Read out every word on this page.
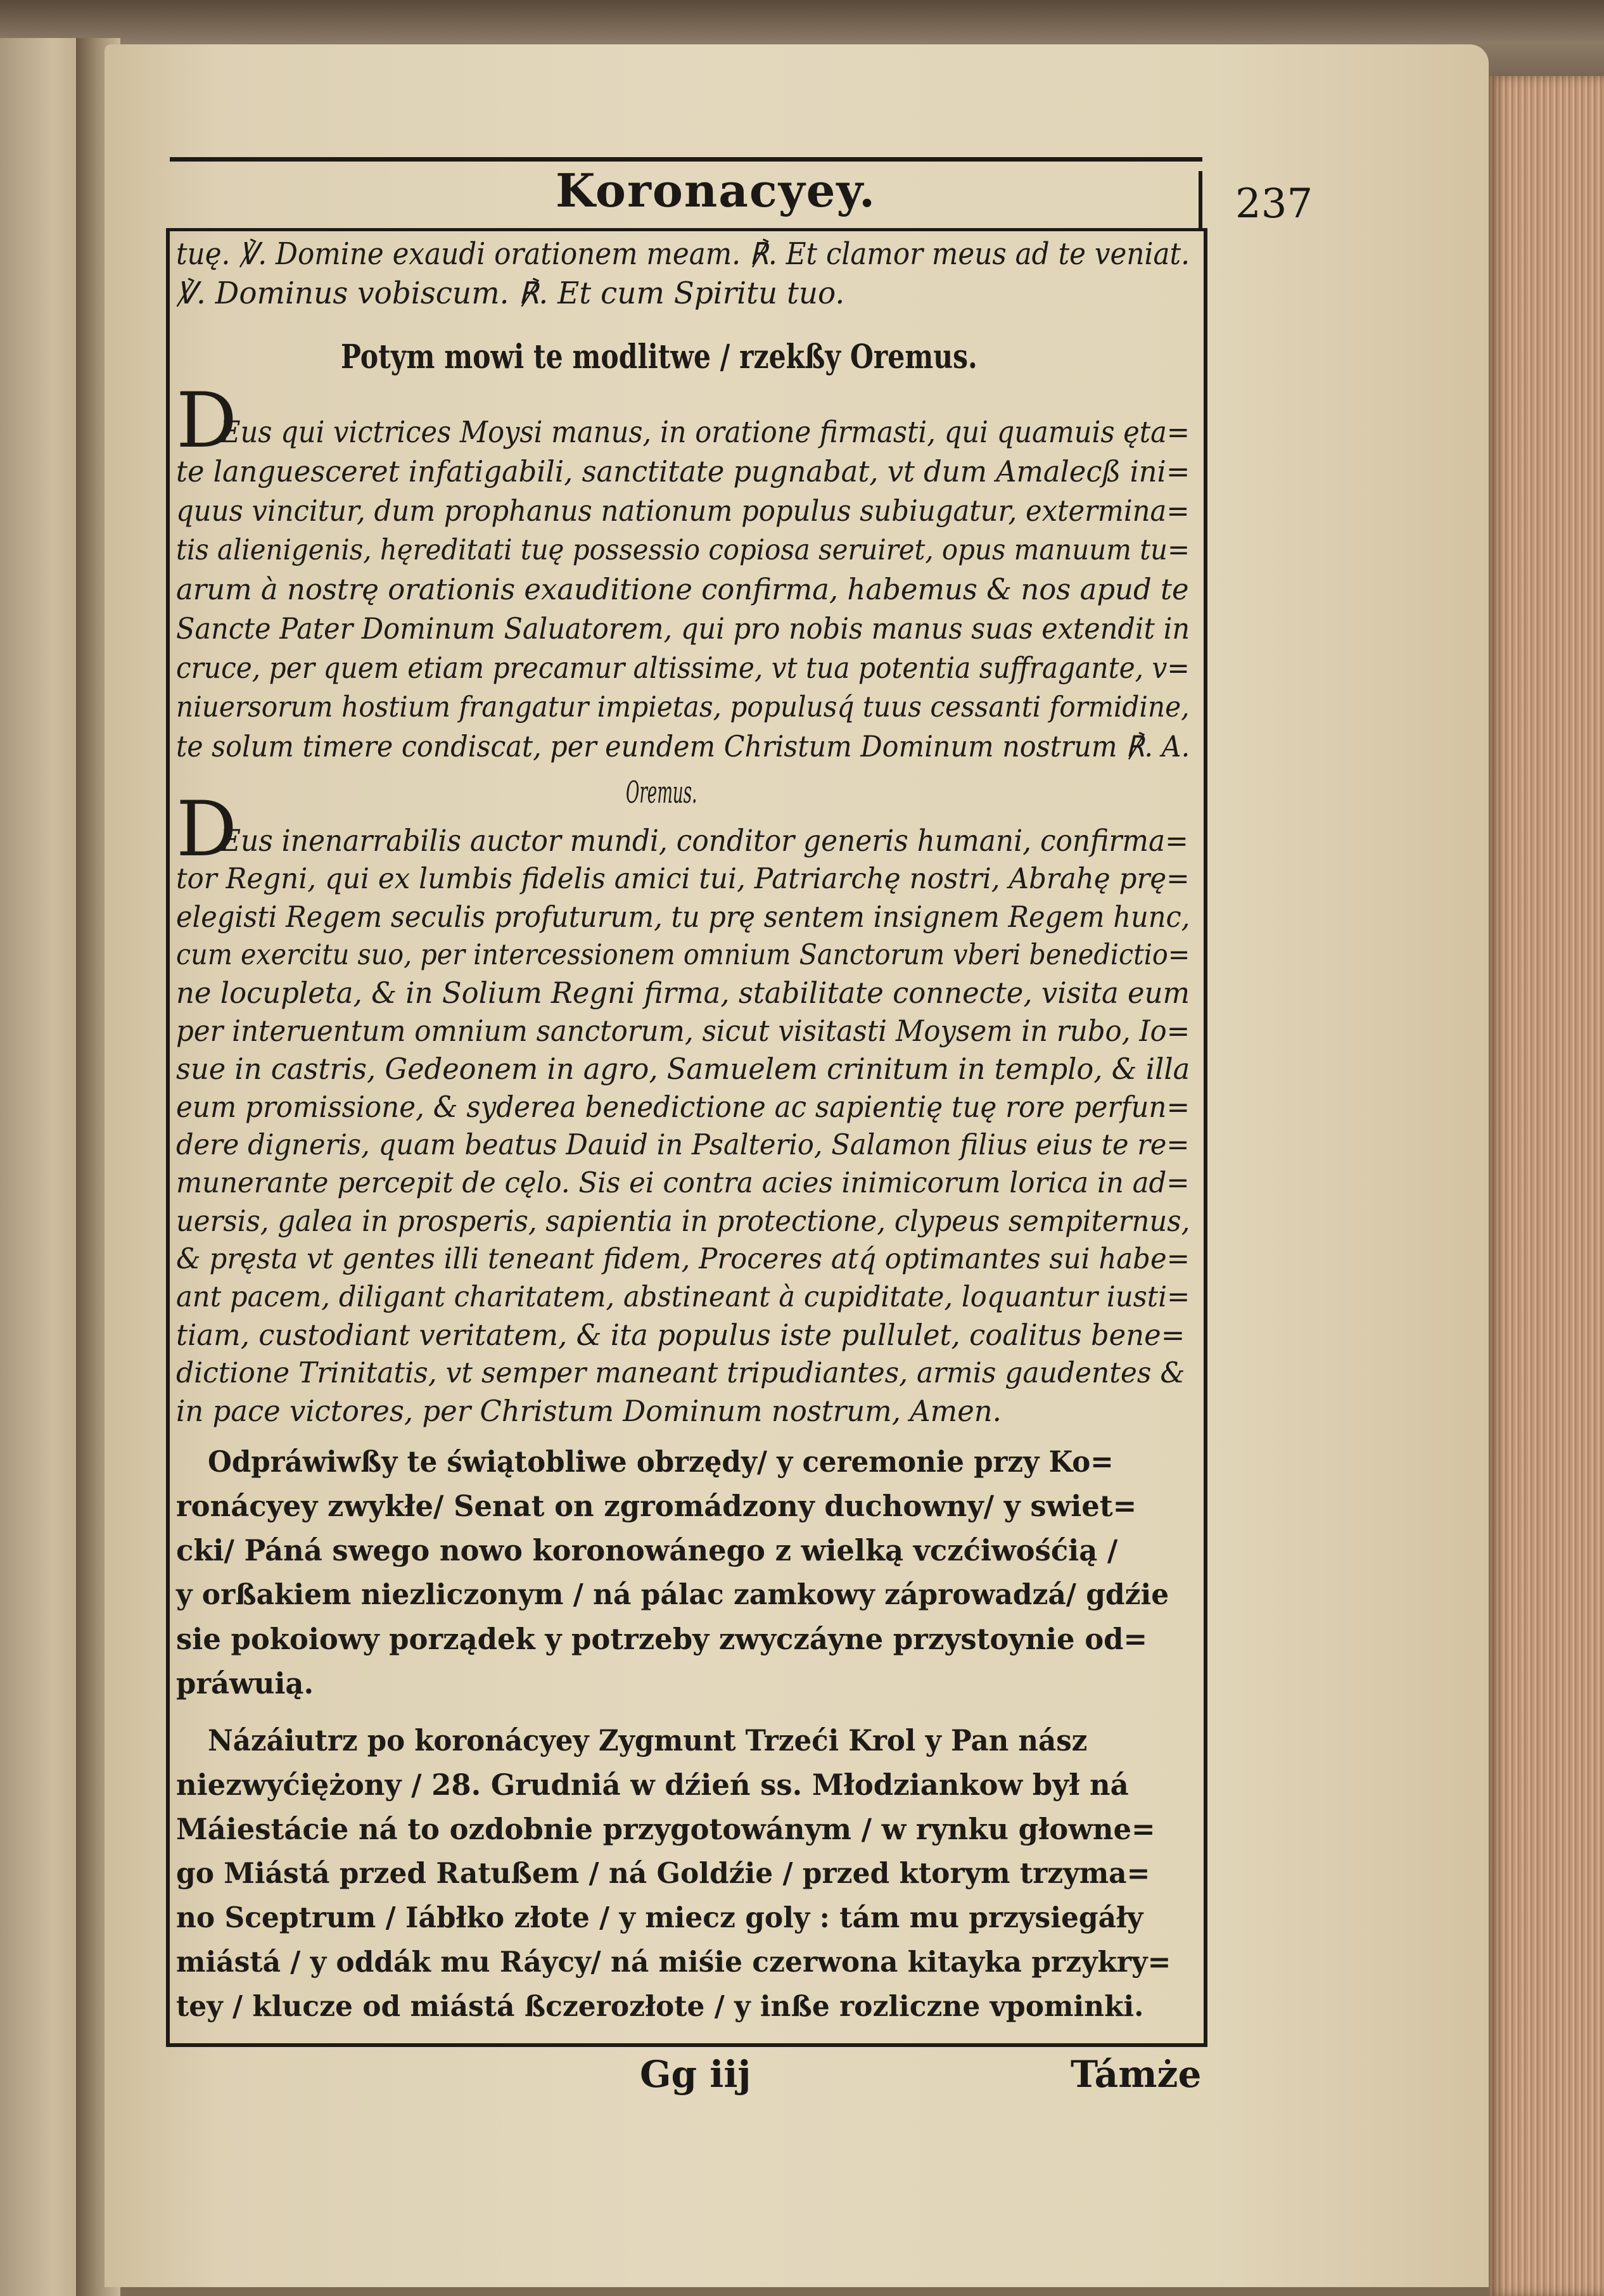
Koronacyey.	237
tuę. ℣. Domine exaudi orationem meam. ℟. Et clamor meus ad te veniat.
℣. Dominus vobiscum. ℟. Et cum Spiritu tuo.
Potym mowi te modlitwe / rzekßy Oremus.
D
Eus qui victrices Moysi manus, in oratione firmasti, qui quamuis ęta=
te languesceret infatigabili, sanctitate pugnabat, vt dum Amalecß ini=
quus vincitur, dum prophanus nationum populus subiugatur, extermina=
tis alienigenis, hęreditati tuę possessio copiosa seruiret, opus manuum tu=
arum à nostrę orationis exauditione confirma, habemus & nos apud te
Sancte Pater Dominum Saluatorem, qui pro nobis manus suas extendit in
cruce, per quem etiam precamur altissime, vt tua potentia suffragante, v=
niuersorum hostium frangatur impietas, populusq́ tuus cessanti formidine,
te solum timere condiscat, per eundem Christum Dominum nostrum ℟. A.
Oremus.
D
Eus inenarrabilis auctor mundi, conditor generis humani, confirma=
tor Regni, qui ex lumbis fidelis amici tui, Patriarchę nostri, Abrahę prę=
elegisti Regem seculis profuturum, tu prę sentem insignem Regem hunc,
cum exercitu suo, per intercessionem omnium Sanctorum vberi benedictio=
ne locupleta, & in Solium Regni firma, stabilitate connecte, visita eum
per interuentum omnium sanctorum, sicut visitasti Moysem in rubo, Io=
sue in castris, Gedeonem in agro, Samuelem crinitum in templo, & illa
eum promissione, & syderea benedictione ac sapientię tuę rore perfun=
dere digneris, quam beatus Dauid in Psalterio, Salamon filius eius te re=
munerante percepit de cęlo. Sis ei contra acies inimicorum lorica in ad=
uersis, galea in prosperis, sapientia in protectione, clypeus sempiternus,
& pręsta vt gentes illi teneant fidem, Proceres atq́ optimantes sui habe=
ant pacem, diligant charitatem, abstineant à cupiditate, loquantur iusti=
tiam, custodiant veritatem, & ita populus iste pullulet, coalitus bene=
dictione Trinitatis, vt semper maneant tripudiantes, armis gaudentes &
in pace victores, per Christum Dominum nostrum, Amen.
Odpráwiwßy te świątobliwe obrzędy/ y ceremonie przy Ko=
ronácyey zwykłe/ Senat on zgromádzony duchowny/ y swiet=
cki/ Páná swego nowo koronowánego z wielką vczćiwośćią /
y orßakiem niezliczonym / ná pálac zamkowy záprowadzá/ gdźie
sie pokoiowy porządek y potrzeby zwyczáyne przystoynie od=
práwuią.
Názáiutrz po koronácyey Zygmunt Trzeći Krol y Pan nász
niezwyćiężony / 28. Grudniá w dźień ss. Młodziankow był ná
Máiestácie ná to ozdobnie przygotowánym / w rynku głowne=
go Miástá przed Ratußem / ná Goldźie / przed ktorym trzyma=
no Sceptrum / Iábłko złote / y miecz goly : tám mu przysiegáły
miástá / y oddák mu Ráycy/ ná miśie czerwona kitayka przykry=
tey / klucze od miástá ßczerozłote / y inße rozliczne vpominki.
Gg iij	Támże
